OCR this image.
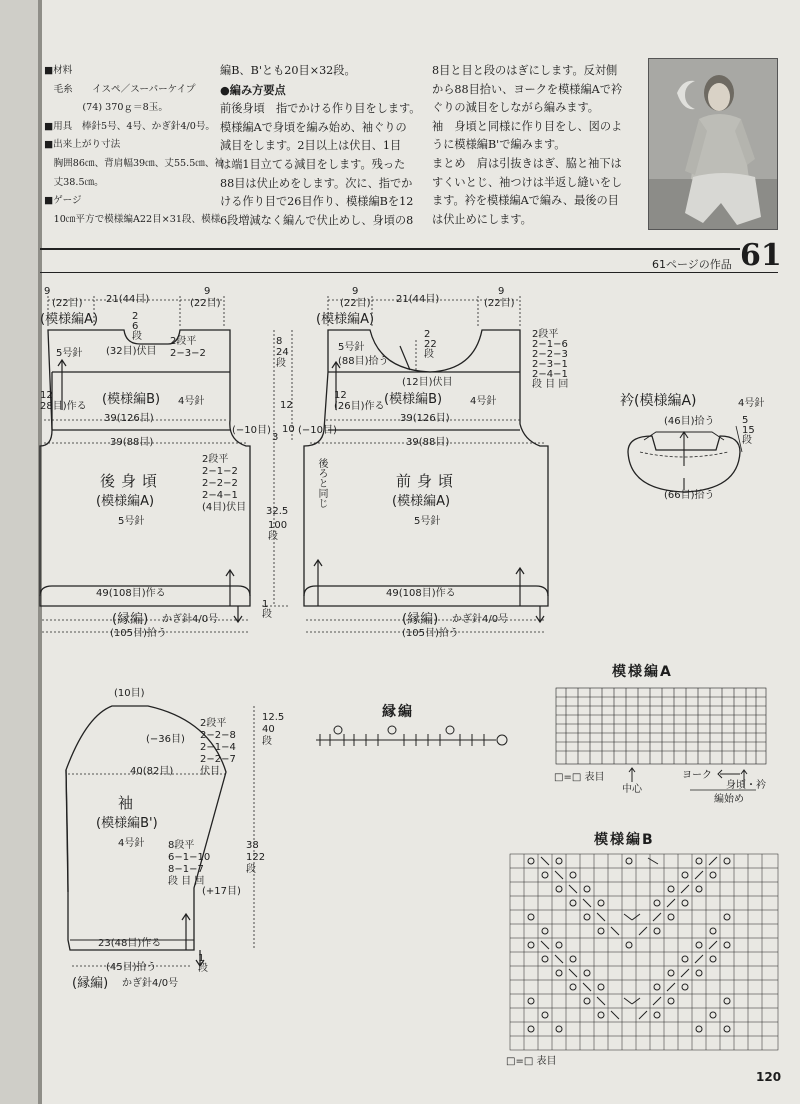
■材料
　毛糸　　イスペ／スーパーケイプ
　　　　(74) 370ｇ＝8玉。
■用具　棒針5号、4号、かぎ針4/0号。
■出来上がり寸法
　胸囲86㎝、背肩幅39㎝、丈55.5㎝、袖
　丈38.5㎝。
■ゲージ
　10㎝平方で模様編A22目×31段、模様
編B、B'とも20目×32段。
●編み方要点
前後身頃　指でかける作り目をします。
模様編Aで身頃を編み始め、袖ぐりの
減目をします。2目以上は伏目、1目
は端1目立てる減目をします。残った
88目は伏止めをします。次に、指でか
ける作り目で26目作り、模様編Bを12
6段増減なく編んで伏止めし、身頃の8
8目と目と段のはぎにします。反対側
から88目拾い、ヨークを模様編Aで衿
ぐりの減目をしながら編みます。
袖　身頃と同様に作り目をし、図のよ
うに模様編B'で編みます。
まとめ　肩は引抜きはぎ、脇と袖下は
すくいとじ、袖つけは半返し縫いをし
ます。衿を模様編Aで編み、最後の目
は伏止めにします。
61ページの作品 61
9
(22目) 21(44目)
9
(22目)
(模様編A)	2
6
段	2段平
2−3−2
5号針 (32目)伏目
8
24
段
(模様編B) 4号針
12
28目)作る
39(126目)
(−10目)
39(88目)
12
3
10
後身頃
(模様編A)
5号針
2段平
2−1−2
2−2−2
2−4−1
(4目)伏目 32.5
100
段
49(108目)作る
1
段
(縁編) かぎ針4/0号
(105目)拾う
9
(22目)	21(44目)
9
(22目)
(模様編A)
5号針
(88目)拾う
2
22
段
2段平
2−1−6
2−2−3
2−3−1
2−4−1
段 目 回
(12目)伏目
(模様編B)	4号針
12
(26目)作る
39(126目)
(−10目)
39(88目)
後ろと同じ	前身頃
(模様編A)
5号針
49(108目)作る
(縁編) かぎ針4/0号
(105目)拾う
衿(模様編A)	4号針
(46目)拾う	5
15
段
(66目)拾う
(10目)
(−36目)
2段平
2−2−8
2−1−4
2−2−7
伏目
12.5
40
段
40(82目)
袖
(模様編B')
4号針 8段平
6−1−10
8−1−7
段 目 回
38
122
段
(+17目)
23(48目)作る
(45目)拾う
1
段
(縁編) かぎ針4/0号
縁編
模様編A
□=□ 表目
中心
ヨーク
身頃・衿
編始め
模様編B
□=□ 表目
120
